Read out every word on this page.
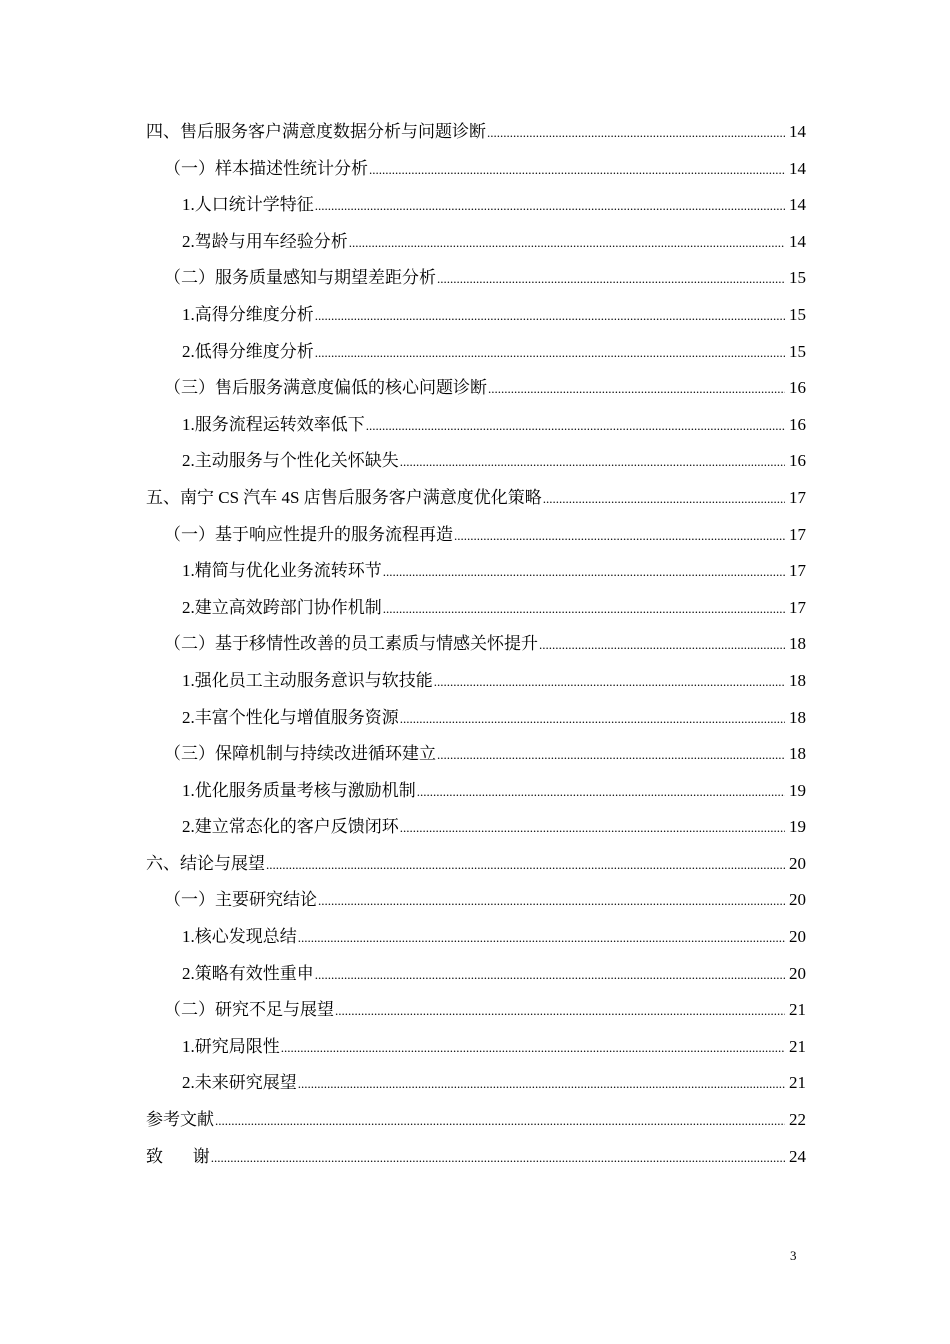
四、售后服务客户满意度数据分析与问题诊断 .....	14
（一）样本描述性统计分析 .....	14
1.人口统计学特征 .....	14
2.驾龄与用车经验分析 .....	14
（二）服务质量感知与期望差距分析 .....	15
1.高得分维度分析 .....	15
2.低得分维度分析 .....	15
（三）售后服务满意度偏低的核心问题诊断 .....	16
1.服务流程运转效率低下 .....	16
2.主动服务与个性化关怀缺失 .....	16
五、南宁 CS 汽车 4S 店售后服务客户满意度优化策略 .....	17
（一）基于响应性提升的服务流程再造 .....	17
1.精简与优化业务流转环节 .....	17
2.建立高效跨部门协作机制 .....	17
（二）基于移情性改善的员工素质与情感关怀提升 .....	18
1.强化员工主动服务意识与软技能 .....	18
2.丰富个性化与增值服务资源 .....	18
（三）保障机制与持续改进循环建立 .....	18
1.优化服务质量考核与激励机制 .....	19
2.建立常态化的客户反馈闭环 .....	19
六、结论与展望 .....	20
（一）主要研究结论 .....	20
1.核心发现总结 .....	20
2.策略有效性重申 .....	20
（二）研究不足与展望 .....	21
1.研究局限性 .....	21
2.未来研究展望 .....	21
参考文献 .....	22
致       谢 .....	24
3
